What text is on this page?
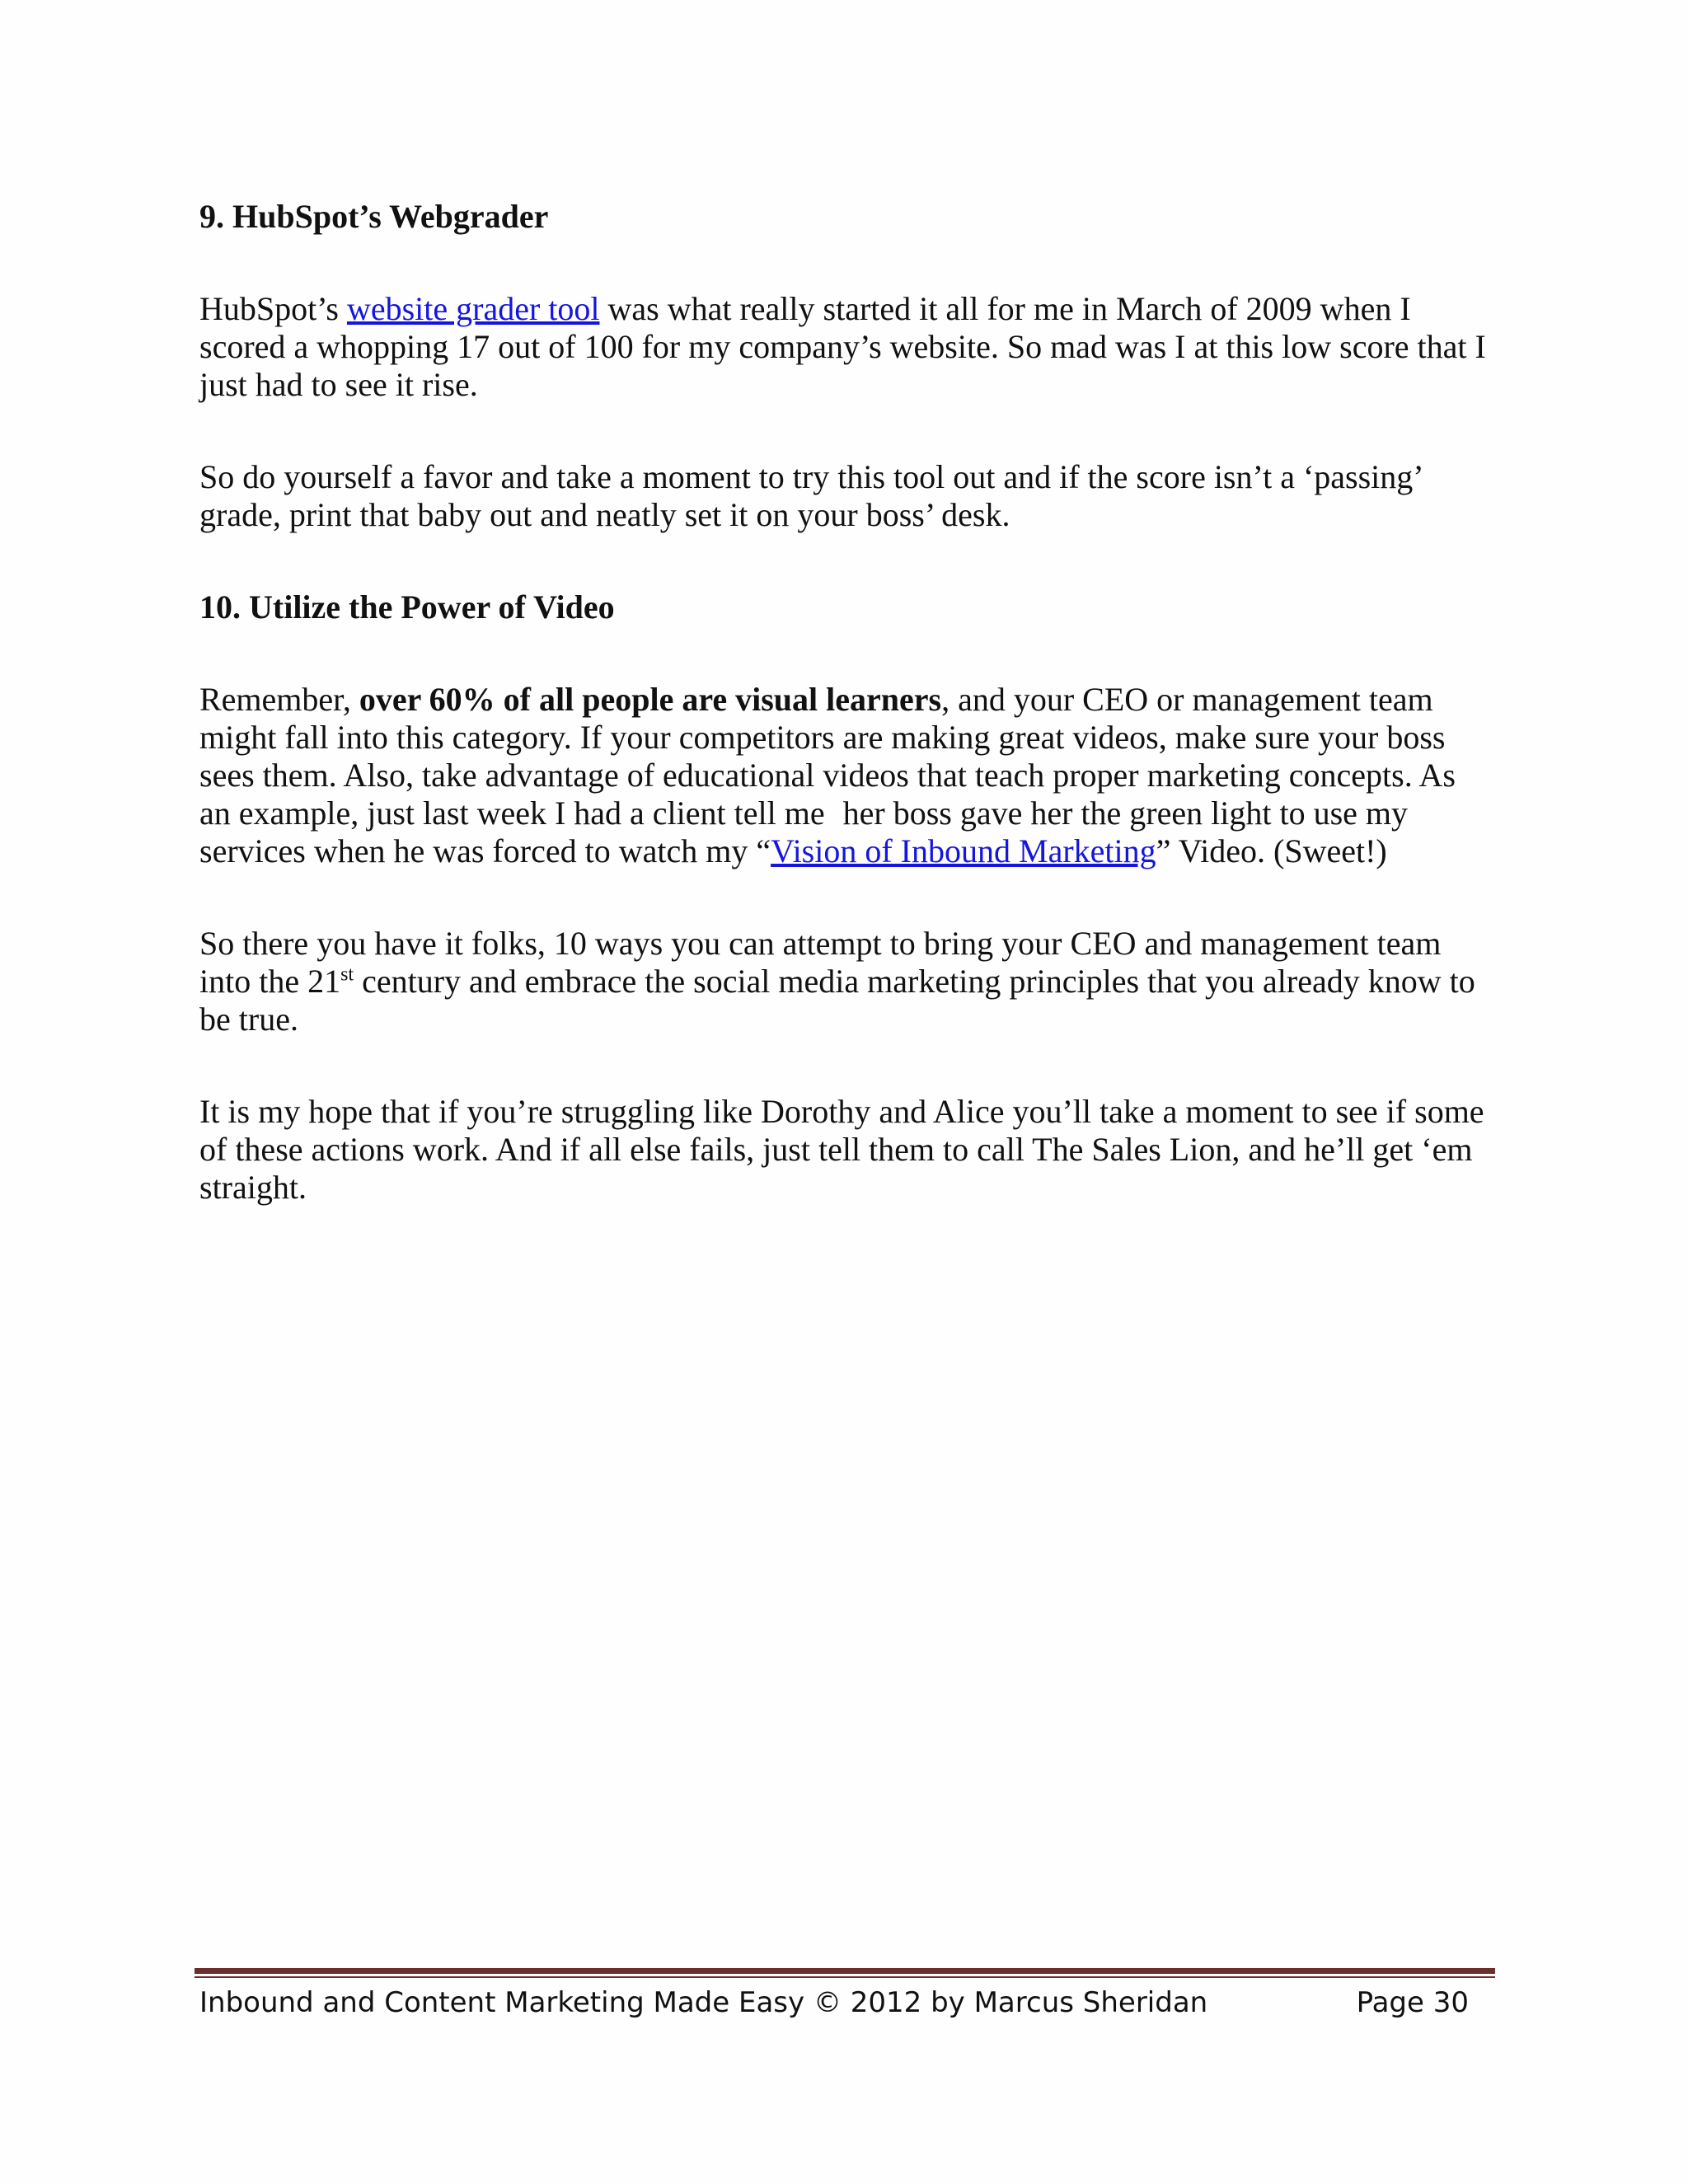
9. HubSpot’s Webgrader

HubSpot’s website grader tool was what really started it all for me in March of 2009 when I scored a whopping 17 out of 100 for my company’s website. So mad was I at this low score that I just had to see it rise.

So do yourself a favor and take a moment to try this tool out and if the score isn’t a ‘passing’ grade, print that baby out and neatly set it on your boss’ desk.

10. Utilize the Power of Video

Remember, over 60% of all people are visual learners, and your CEO or management team might fall into this category. If your competitors are making great videos, make sure your boss sees them. Also, take advantage of educational videos that teach proper marketing concepts. As an example, just last week I had a client tell me her boss gave her the green light to use my services when he was forced to watch my “Vision of Inbound Marketing” Video. (Sweet!)

So there you have it folks, 10 ways you can attempt to bring your CEO and management team into the 21st century and embrace the social media marketing principles that you already know to be true.

It is my hope that if you’re struggling like Dorothy and Alice you’ll take a moment to see if some of these actions work. And if all else fails, just tell them to call The Sales Lion, and he’ll get ‘em straight.

Inbound and Content Marketing Made Easy © 2012 by Marcus Sheridan	Page 30
